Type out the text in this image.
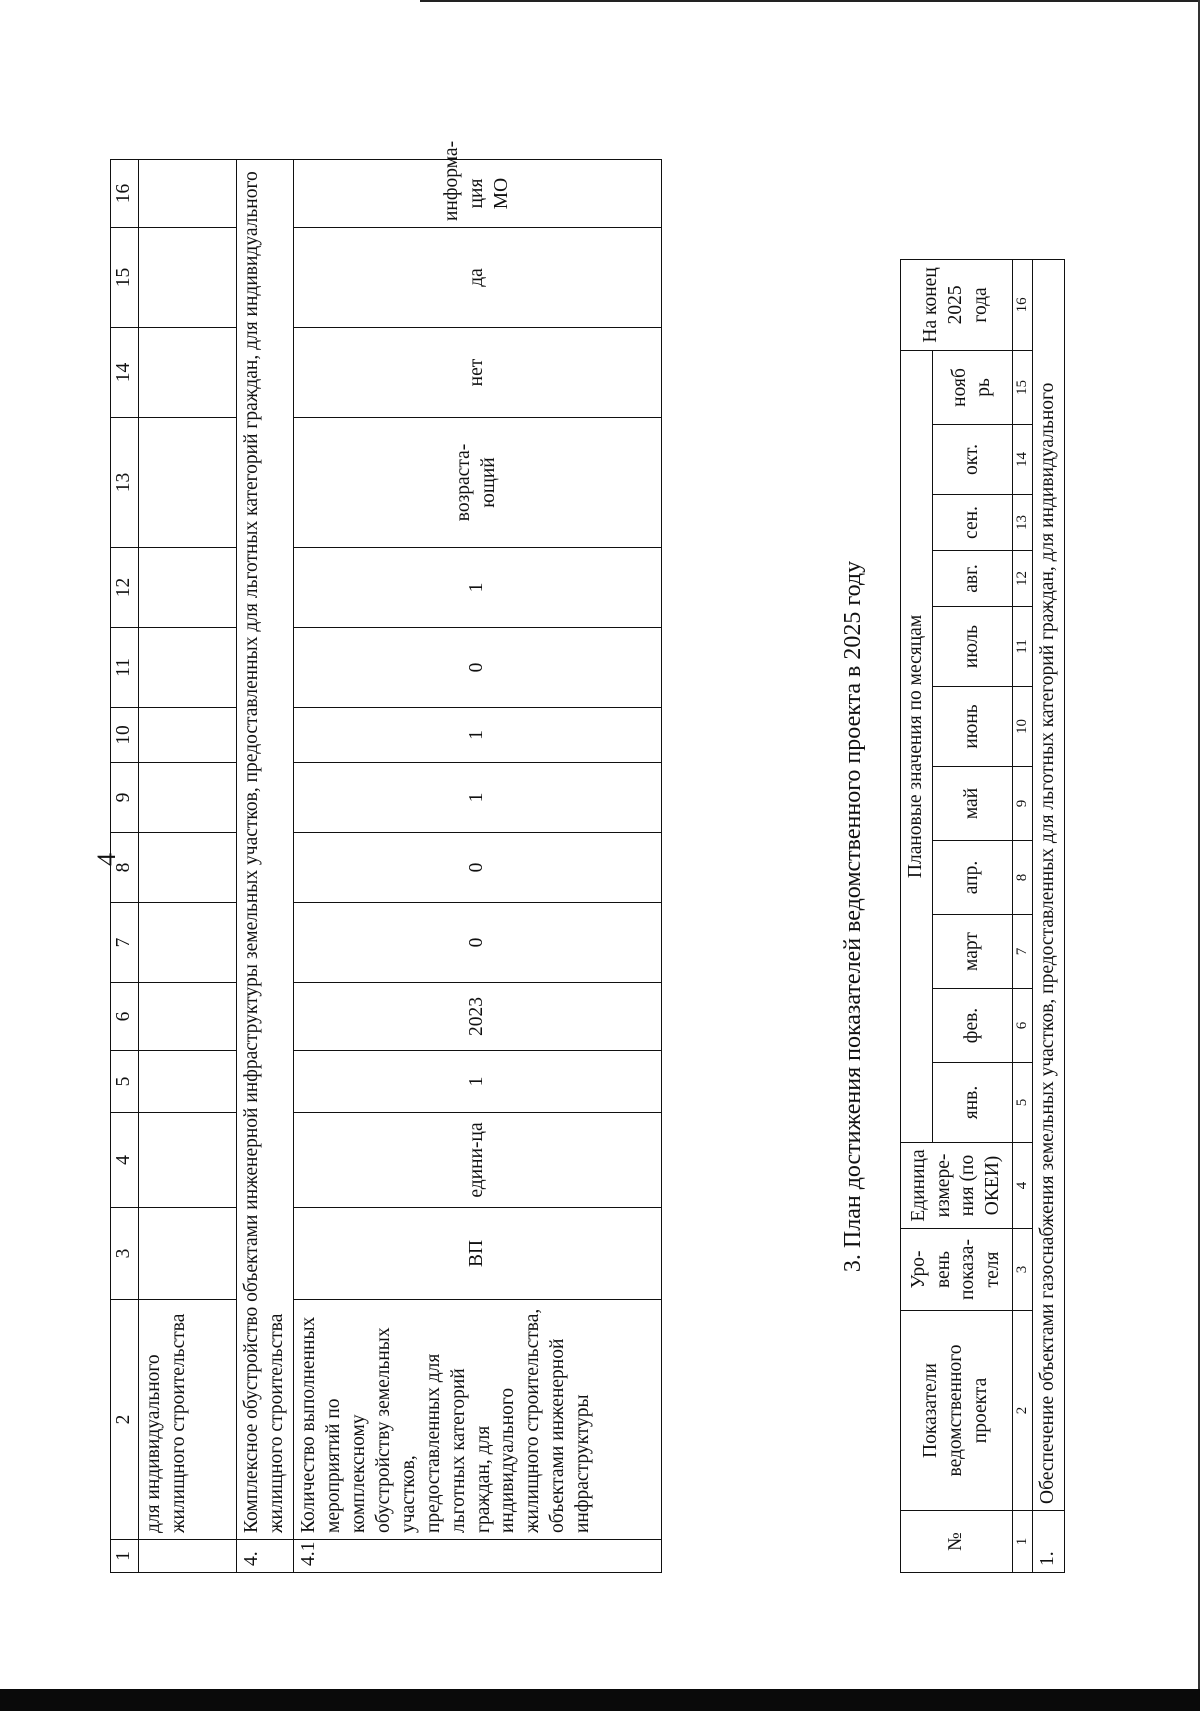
4
1	2	3	4	5	6	7	8	9	10	11	12	13	14	15	16
	для индивидуального жилищного строительства														
4.	Комплексное обустройство объектами инженерной инфраструктуры земельных участков, предоставленных для льготных категорий граждан, для индивидуального жилищного строительства														
4.1	Количество выполненных мероприятий по комплексному обустройству земельных участков, предоставленных для льготных категорий граждан, для индивидуального жилищного строительства, объектами инженерной инфраструктуры	ВП	едини-ца	1	2023	0	0	1	1	0	1	возраста-ющий	нет	да	информа-ция МО
3. План достижения показателей ведомственного проекта в 2025 году
№	Показатели ведомственного проекта	Уро-вень показа-теля	Единица измере-ния (по ОКЕИ)	Плановые значения по месяцам											На конец 2025 года
				янв.	фев.	март	апр.	май	июнь	июль	авг.	сен.	окт.	нояб рь	
1	2	3	4	5	6	7	8	9	10	11	12	13	14	15	16
1.	Обеспечение объектами газоснабжения земельных участков, предоставленных для льготных категорий граждан, для индивидуального														
